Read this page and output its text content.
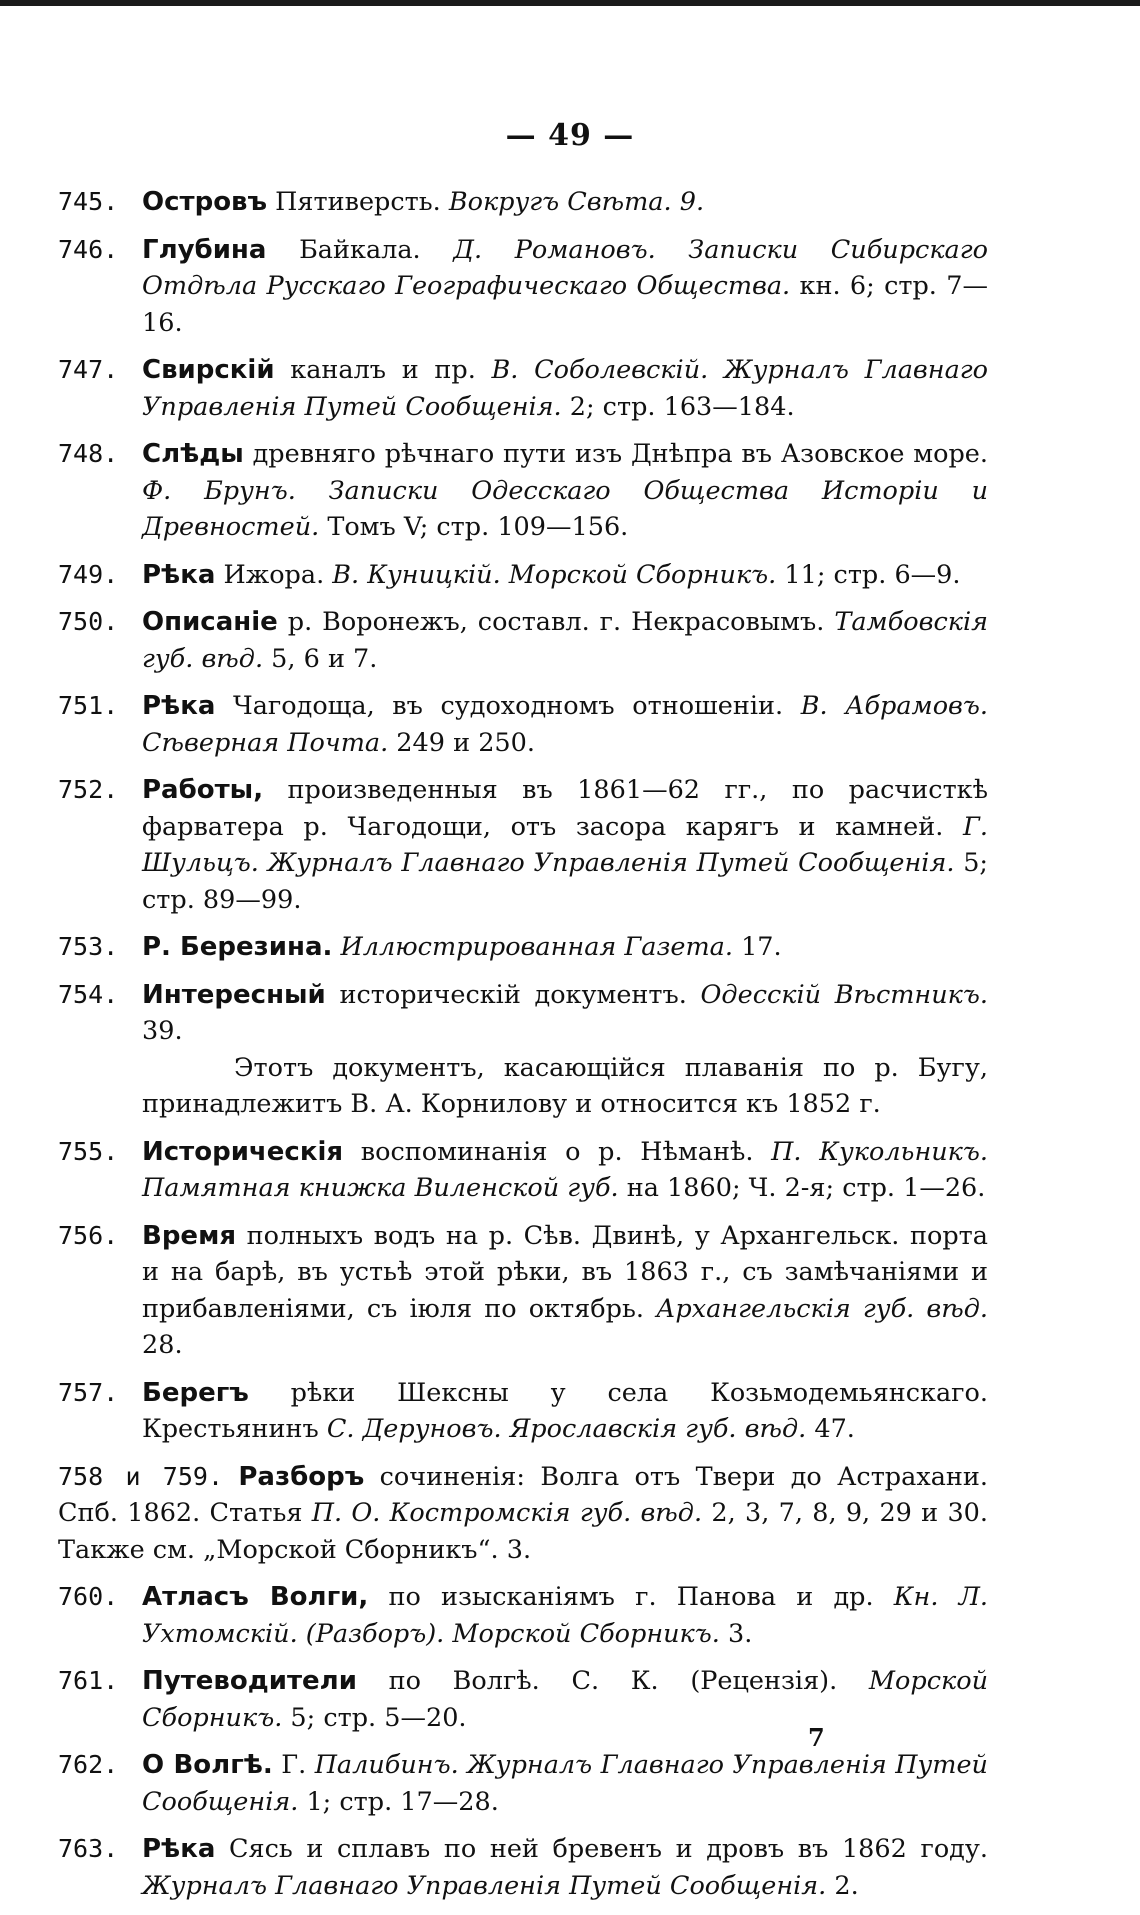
— 49 —
745. Островъ Пятиверсть. Вокругъ Свѣта. 9.
746. Глубина Байкала. Д. Романовъ. Записки Сибирскаго Отдѣла Русскаго Географическаго Общества. кн. 6; стр. 7—16.
747. Свирскій каналъ и пр. В. Соболевскій. Журналъ Главнаго Управленія Путей Сообщенія. 2; стр. 163—184.
748. Слѣды древняго рѣчнаго пути изъ Днѣпра въ Азовское море. Ф. Брунъ. Записки Одесскаго Общества Исторіи и Древностей. Томъ V; стр. 109—156.
749. Рѣка Ижора. В. Куницкій. Морской Сборникъ. 11; стр. 6—9.
750. Описаніе р. Воронежъ, составл. г. Некрасовымъ. Тамбовскія губ. вѣд. 5, 6 и 7.
751. Рѣка Чагодоща, въ судоходномъ отношеніи. В. Абрамовъ. Сѣверная Почта. 249 и 250.
752. Работы, произведенныя въ 1861—62 гг., по расчисткѣ фарватера р. Чагодощи, отъ засора карягъ и камней. Г. Шульцъ. Журналъ Главнаго Управленія Путей Сообщенія. 5; стр. 89—99.
753. Р. Березина. Иллюстрированная Газета. 17.
754. Интересный историческій документъ. Одесскій Вѣстникъ. 39.
Этотъ документъ, касающійся плаванія по р. Бугу, принадлежитъ В. А. Корнилову и относится къ 1852 г.
755. Историческія воспоминанія о р. Нѣманѣ. П. Кукольникъ. Памятная книжка Виленской губ. на 1860; Ч. 2-я; стр. 1—26.
756. Время полныхъ водъ на р. Сѣв. Двинѣ, у Архангельск. порта и на барѣ, въ устьѣ этой рѣки, въ 1863 г., съ замѣчаніями и прибавленіями, съ іюля по октябрь. Архангельскія губ. вѣд. 28.
757. Берегъ рѣки Шексны у села Козьмодемьянскаго. Крестьянинъ С. Деруновъ. Ярославскія губ. вѣд. 47.
758 и 759. Разборъ сочиненія: Волга отъ Твери до Астрахани. Спб. 1862. Статья П. О. Костромскія губ. вѣд. 2, 3, 7, 8, 9, 29 и 30. Также см. „Морской Сборникъ“. 3.
760. Атласъ Волги, по изысканіямъ г. Панова и др. Кн. Л. Ухтомскій. (Разборъ). Морской Сборникъ. 3.
761. Путеводители по Волгѣ. С. К. (Рецензія). Морской Сборникъ. 5; стр. 5—20.
762. О Волгѣ. Г. Палибинъ. Журналъ Главнаго Управленія Путей Сообщенія. 1; стр. 17—28.
763. Рѣка Сясь и сплавъ по ней бревенъ и дровъ въ 1862 году. Журналъ Главнаго Управленія Путей Сообщенія. 2.
7
